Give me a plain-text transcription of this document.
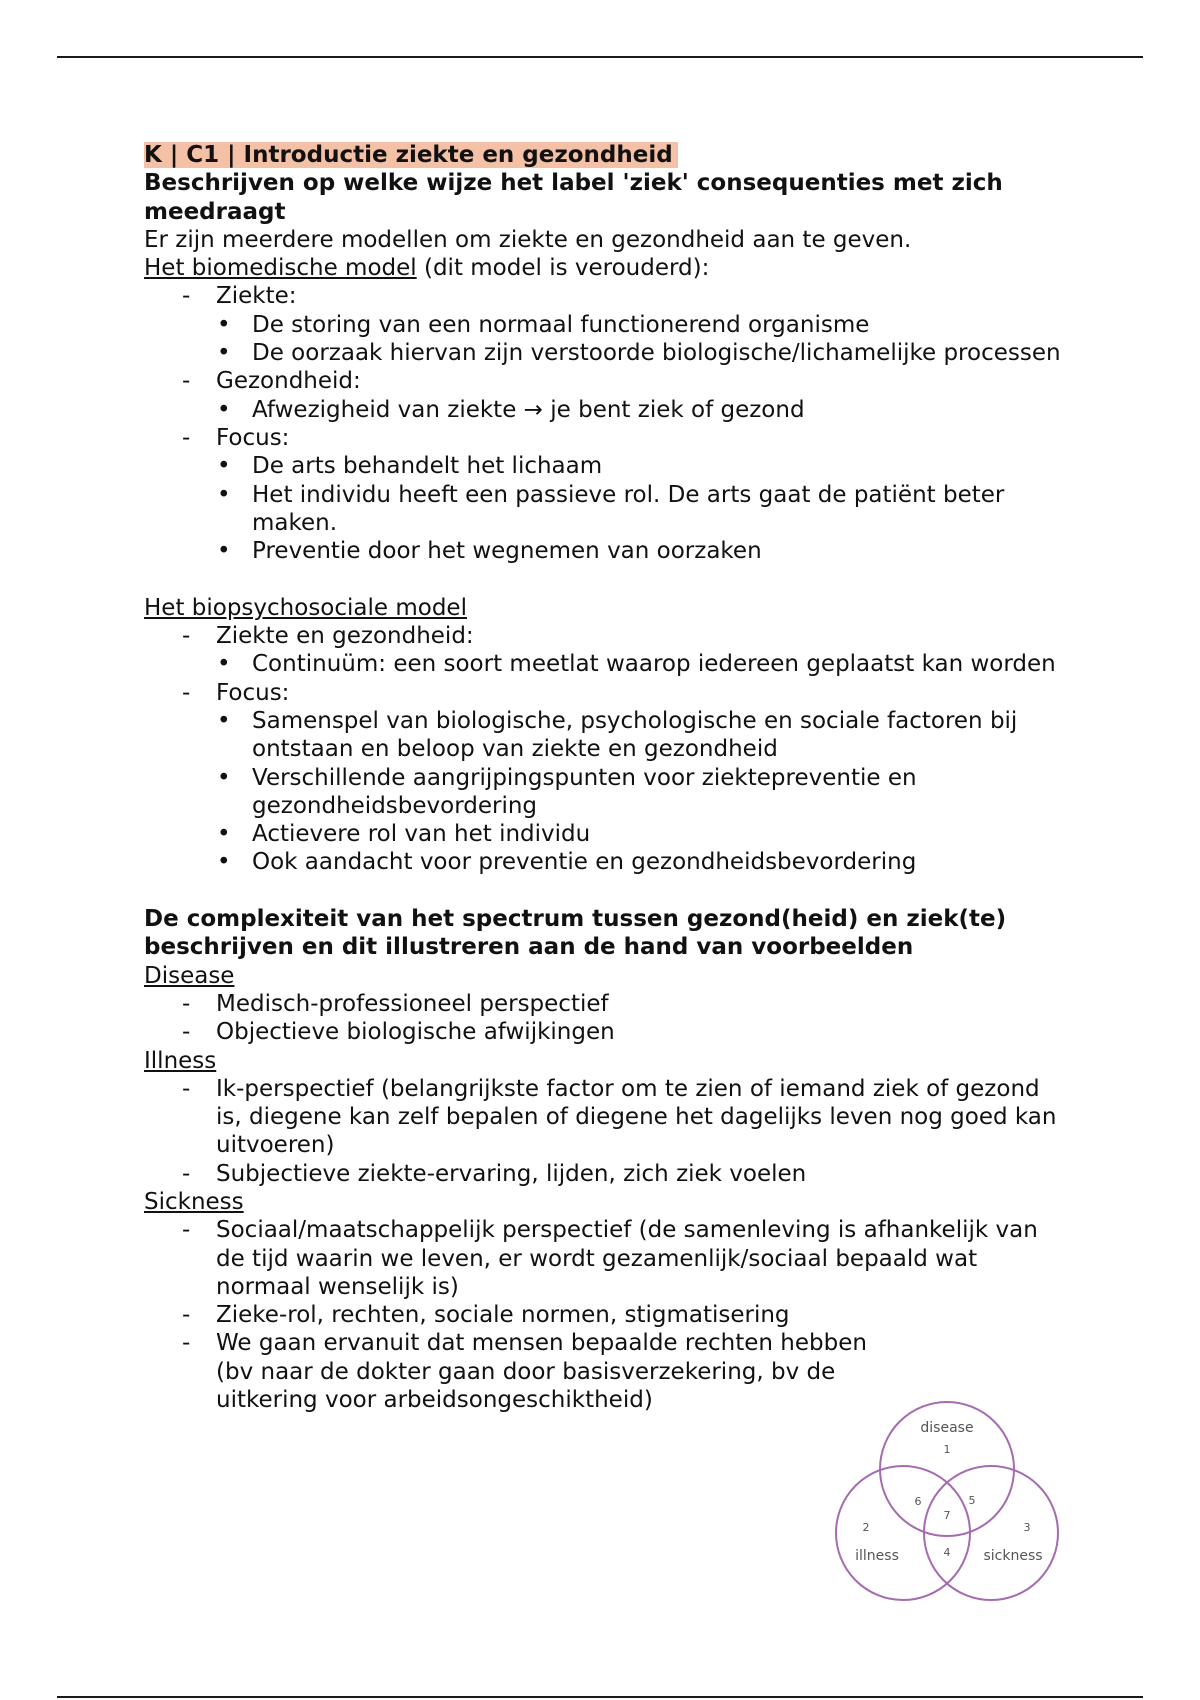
K | C1 | Introductie ziekte en gezondheid
Beschrijven op welke wijze het label 'ziek' consequenties met zich meedraagt
Er zijn meerdere modellen om ziekte en gezondheid aan te geven.
Het biomedische model (dit model is verouderd):
- Ziekte:
• De storing van een normaal functionerend organisme
• De oorzaak hiervan zijn verstoorde biologische/lichamelijke processen
- Gezondheid:
• Afwezigheid van ziekte → je bent ziek of gezond
- Focus:
• De arts behandelt het lichaam
• Het individu heeft een passieve rol. De arts gaat de patiënt beter maken.
• Preventie door het wegnemen van oorzaken
Het biopsychosociale model
- Ziekte en gezondheid:
• Continuüm: een soort meetlat waarop iedereen geplaatst kan worden
- Focus:
• Samenspel van biologische, psychologische en sociale factoren bij ontstaan en beloop van ziekte en gezondheid
• Verschillende aangrijpingspunten voor ziektepreventie en gezondheidsbevordering
• Actievere rol van het individu
• Ook aandacht voor preventie en gezondheidsbevordering
De complexiteit van het spectrum tussen gezond(heid) en ziek(te) beschrijven en dit illustreren aan de hand van voorbeelden
Disease
- Medisch-professioneel perspectief
- Objectieve biologische afwijkingen
Illness
- Ik-perspectief (belangrijkste factor om te zien of iemand ziek of gezond is, diegene kan zelf bepalen of diegene het dagelijks leven nog goed kan uitvoeren)
- Subjectieve ziekte-ervaring, lijden, zich ziek voelen
Sickness
- Sociaal/maatschappelijk perspectief (de samenleving is afhankelijk van de tijd waarin we leven, er wordt gezamenlijk/sociaal bepaald wat normaal wenselijk is)
- Zieke-rol, rechten, sociale normen, stigmatisering
- We gaan ervanuit dat mensen bepaalde rechten hebben (bv naar de dokter gaan door basisverzekering, bv de uitkering voor arbeidsongeschiktheid)
disease
illness	sickness
1
2	3
4
5
6
7
